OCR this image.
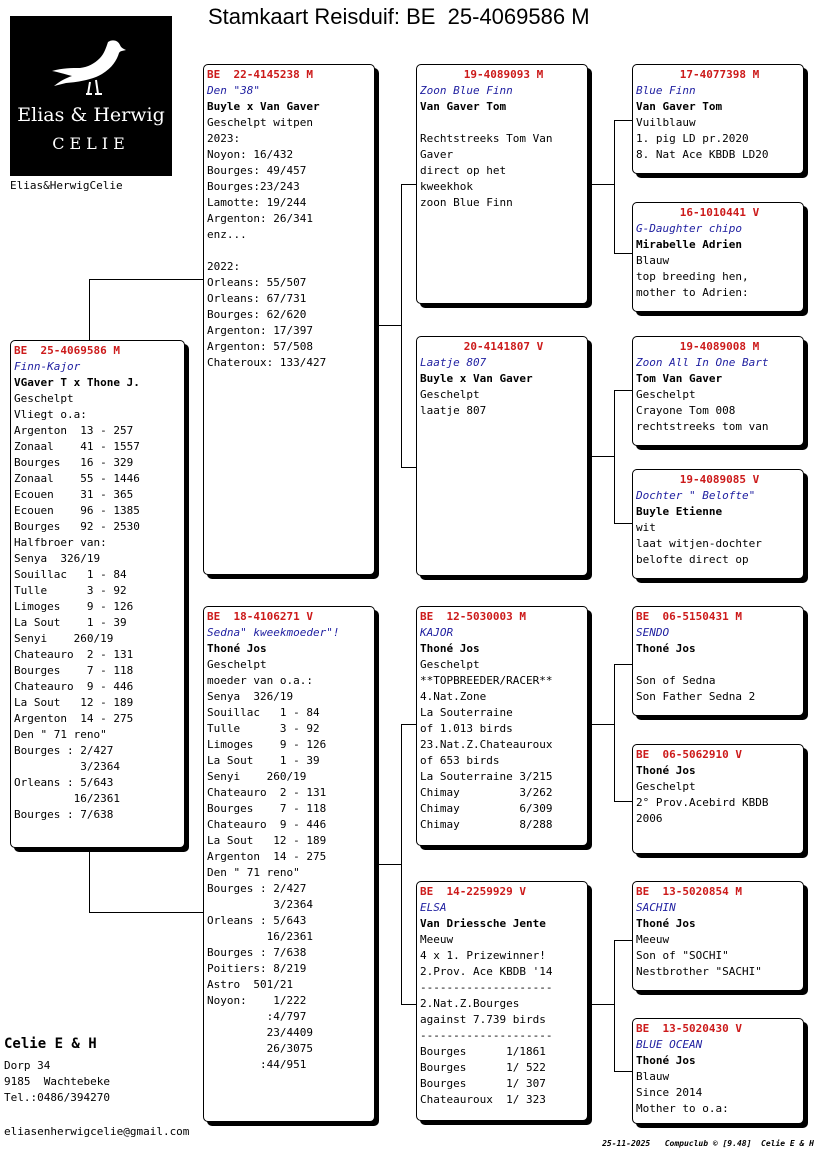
Stamkaart Reisduif: BE  25-4069586 M
Elias & Herwig
CELIE
Elias&HerwigCelie
BE  25-4069586 M
Finn-Kajor
VGaver T x Thone J.
Geschelpt
Vliegt o.a:
Argenton  13 - 257
Zonaal    41 - 1557
Bourges   16 - 329
Zonaal    55 - 1446
Ecouen    31 - 365
Ecouen    96 - 1385
Bourges   92 - 2530
Halfbroer van:
Senya  326/19
Souillac   1 - 84
Tulle      3 - 92
Limoges    9 - 126
La Sout    1 - 39
Senyi    260/19
Chateauro  2 - 131
Bourges    7 - 118
Chateauro  9 - 446
La Sout   12 - 189
Argenton  14 - 275
Den " 71 reno"
Bourges : 2/427
3/2364
Orleans : 5/643
16/2361
Bourges : 7/638
BE  22-4145238 M
Den "38"
Buyle x Van Gaver
Geschelpt witpen
2023:
Noyon: 16/432
Bourges: 49/457
Bourges:23/243
Lamotte: 19/244
Argenton: 26/341
enz...
2022:
Orleans: 55/507
Orleans: 67/731
Bourges: 62/620
Argenton: 17/397
Argenton: 57/508
Chateroux: 133/427
BE  18-4106271 V
Sedna" kweekmoeder"!
Thoné Jos
Geschelpt
moeder van o.a.:
Senya  326/19
Souillac   1 - 84
Tulle      3 - 92
Limoges    9 - 126
La Sout    1 - 39
Senyi    260/19
Chateauro  2 - 131
Bourges    7 - 118
Chateauro  9 - 446
La Sout   12 - 189
Argenton  14 - 275
Den " 71 reno"
Bourges : 2/427
3/2364
Orleans : 5/643
16/2361
Bourges : 7/638
Poitiers: 8/219
Astro  501/21
Noyon:    1/222
:4/797
23/4409
26/3075
:44/951
19-4089093 M
Zoon Blue Finn
Van Gaver Tom
Rechtstreeks Tom Van
Gaver
direct op het
kweekhok
zoon Blue Finn
20-4141807 V
Laatje 807
Buyle x Van Gaver
Geschelpt
laatje 807
BE  12-5030003 M
KAJOR
Thoné Jos
Geschelpt
**TOPBREEDER/RACER**
4.Nat.Zone
La Souterraine
of 1.013 birds
23.Nat.Z.Chateauroux
of 653 birds
La Souterraine 3/215
Chimay         3/262
Chimay         6/309
Chimay         8/288
BE  14-2259929 V
ELSA
Van Driessche Jente
Meeuw
4 x 1. Prizewinner!
2.Prov. Ace KBDB '14
--------------------
2.Nat.Z.Bourges
against 7.739 birds
--------------------
Bourges      1/1861
Bourges      1/ 522
Bourges      1/ 307
Chateauroux  1/ 323
17-4077398 M
Blue Finn
Van Gaver Tom
Vuilblauw
1. pig LD pr.2020
8. Nat Ace KBDB LD20
16-1010441 V
G-Daughter chipo
Mirabelle Adrien
Blauw
top breeding hen,
mother to Adrien:
19-4089008 M
Zoon All In One Bart
Tom Van Gaver
Geschelpt
Crayone Tom 008
rechtstreeks tom van
19-4089085 V
Dochter " Belofte"
Buyle Etienne
wit
laat witjen-dochter
belofte direct op
BE  06-5150431 M
SENDO
Thoné Jos
Son of Sedna
Son Father Sedna 2
BE  06-5062910 V
Thoné Jos
Geschelpt
2° Prov.Acebird KBDB
2006
BE  13-5020854 M
SACHIN
Thoné Jos
Meeuw
Son of "SOCHI"
Nestbrother "SACHI"
BE  13-5020430 V
BLUE OCEAN
Thoné Jos
Blauw
Since 2014
Mother to o.a:
Celie E & H
Dorp 34
9185  Wachtebeke
Tel.:0486/394270
eliasenherwigcelie@gmail.com
25-11-2025   Compuclub © [9.48]  Celie E & H
